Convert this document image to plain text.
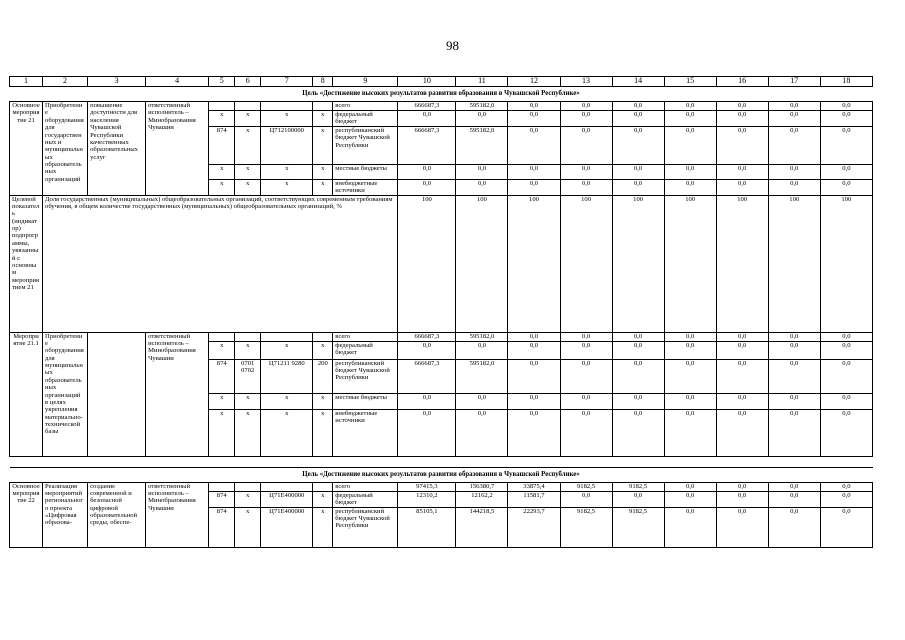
98
1	2	3	4	5	6	7	8	9	10	11	12	13	14	15	16	17	18
Цель «Достижение высоких результатов развития образования в Чувашской Республике»																	
Основное мероприятие 21	Приобретение оборудования для государственных и муниципальных образовательных организаций	повышение доступности для населения Чувашской Республики качественных образовательных услуг	ответственный исполнитель – Минобразования Чувашии					всего	666687,3	595182,0	0,0	0,0	0,0	0,0	0,0	0,0	0,0
				x	x	x	x	федеральный бюджет	0,0	0,0	0,0	0,0	0,0	0,0	0,0	0,0	0,0
				874	x	Ц712100000	x	республиканский бюджет Чувашской Республики	666687,3	595182,0	0,0	0,0	0,0	0,0	0,0	0,0	0,0
				x	x	x	x	местные бюджеты	0,0	0,0	0,0	0,0	0,0	0,0	0,0	0,0	0,0
				x	x	x	x	внебюджетные источники	0,0	0,0	0,0	0,0	0,0	0,0	0,0	0,0	0,0
Целевой показатель (индикатор) подпрограммы, увязанный с основным мероприятием 21	Доля государственных (муниципальных) общеобразовательных организаций, соответствующих современным требованиям обучения, в общем количестве государственных (муниципальных) общеобразовательных организаций, %								100	100	100	100	100	100	100	100	100
Мероприятие 21.1	Приобретение оборудования для муниципальных образовательных организаций в целях укрепления материально-технической базы		ответственный исполнитель – Минобразования Чувашии					всего	666687,3	595182,0	0,0	0,0	0,0	0,0	0,0	0,0	0,0
				x	x	x	x	федеральный бюджет	0,0	0,0	0,0	0,0	0,0	0,0	0,0	0,0	0,0
				874	0701 0702	Ц71211 9280	200	республиканский бюджет Чувашской Республики	666687,3	595182,0	0,0	0,0	0,0	0,0	0,0	0,0	0,0
				x	x	x	x	местные бюджеты	0,0	0,0	0,0	0,0	0,0	0,0	0,0	0,0	0,0
				x	x	x	x	внебюджетные источники	0,0	0,0	0,0	0,0	0,0	0,0	0,0	0,0	0,0

Цель «Достижение высоких результатов развития образования в Чувашской Республике»																	
Основное мероприятие 22	Реализация мероприятий регионального проекта «Цифровая образова-	создание современной и безопасной цифровой образовательной среды, обеспе-	ответственный исполнитель – Минобразования Чувашии					всего	97415,3	156380,7	33875,4	9182,5	9182,5	0,0	0,0	0,0	0,0
				874	x	Ц71Е400000	x	федеральный бюджет	12310,2	12162,2	11581,7	0,0	0,0	0,0	0,0	0,0	0,0
				874	x	Ц71Е400000	x	республиканский бюджет Чувашской Республики	85105,1	144218,5	22293,7	9182,5	9182,5	0,0	0,0	0,0	0,0
